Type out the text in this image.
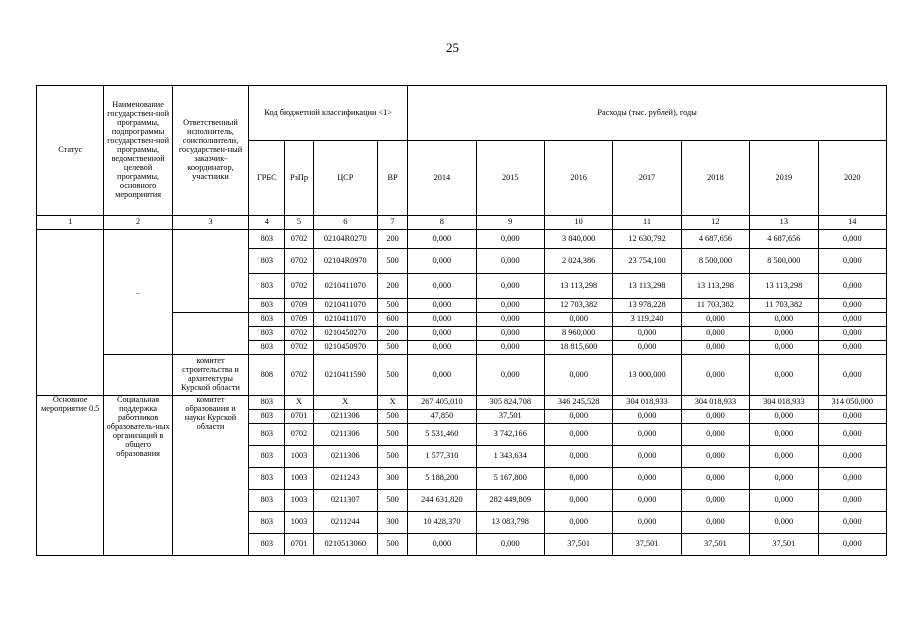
25
Статус	Наименование государствен-ной программы, подпрограммы государствен-ной программы, ведомственной целевой программы, основного мероприятия	Ответственный исполнитель, соисполнители, государствен-ный заказчик-координатор, участники	Код бюджетной классификации <1>				Расходы (тыс. рублей), годы						
			ГРБС	РзПр	ЦСР	ВР	2014	2015	2016	2017	2018	2019	2020
1	2	3	4	5	6	7	8	9	10	11	12	13	14
	..		803	0702	02104R0270	200	0,000	0,000	3 840,000	12 630,792	4 687,656	4 687,656	0,000
			803	0702	02104R0970	500	0,000	0,000	2 024,386	23 754,100	8 500,000	8 500,000	0,000
			803	0702	0210411070	200	0,000	0,000	13 113,298	13 113,298	13 113,298	13 113,298	0,000
			803	0709	0210411070	500	0,000	0,000	12 703,382	13 978,228	11 703,382	11 703,382	0,000
			803	0709	0210411070	600	0,000	0,000	0,000	3 119,240	0,000	0,000	0,000
			803	0702	0210450270	200	0,000	0,000	8 960,000	0,000	0,000	0,000	0,000
			803	0702	0210450970	500	0,000	0,000	18 815,600	0,000	0,000	0,000	0,000
		комитет строительства и архитектуры Курской области	808	0702	0210411590	500	0,000	0,000	0,000	13 000,000	0,000	0,000	0,000
Основное мероприятие 0.5	Социальная поддержка работников образователь-ных организаций в общего образования	комитет образования и науки Курской области	803	Х	Х	Х	267 405,010	305 824,708	346 245,528	304 018,933	304 018,933	304 018,933	314 050,000
			803	0701	0211306	500	47,850	37,501	0,000	0,000	0,000	0,000	0,000
			803	0702	0211306	500	5 531,460	3 742,166	0,000	0,000	0,000	0,000	0,000
			803	1003	0211306	500	1 577,310	1 343,634	0,000	0,000	0,000	0,000	0,000
			803	1003	0211243	300	5 188,200	5 167,800	0,000	0,000	0,000	0,000	0,000
			803	1003	0211307	500	244 631,820	282 449,809	0,000	0,000	0,000	0,000	0,000
			803	1003	0211244	300	10 428,370	13 083,798	0,000	0,000	0,000	0,000	0,000
			803	0701	0210513060	500	0,000	0,000	37,501	37,501	37,501	37,501	0,000
